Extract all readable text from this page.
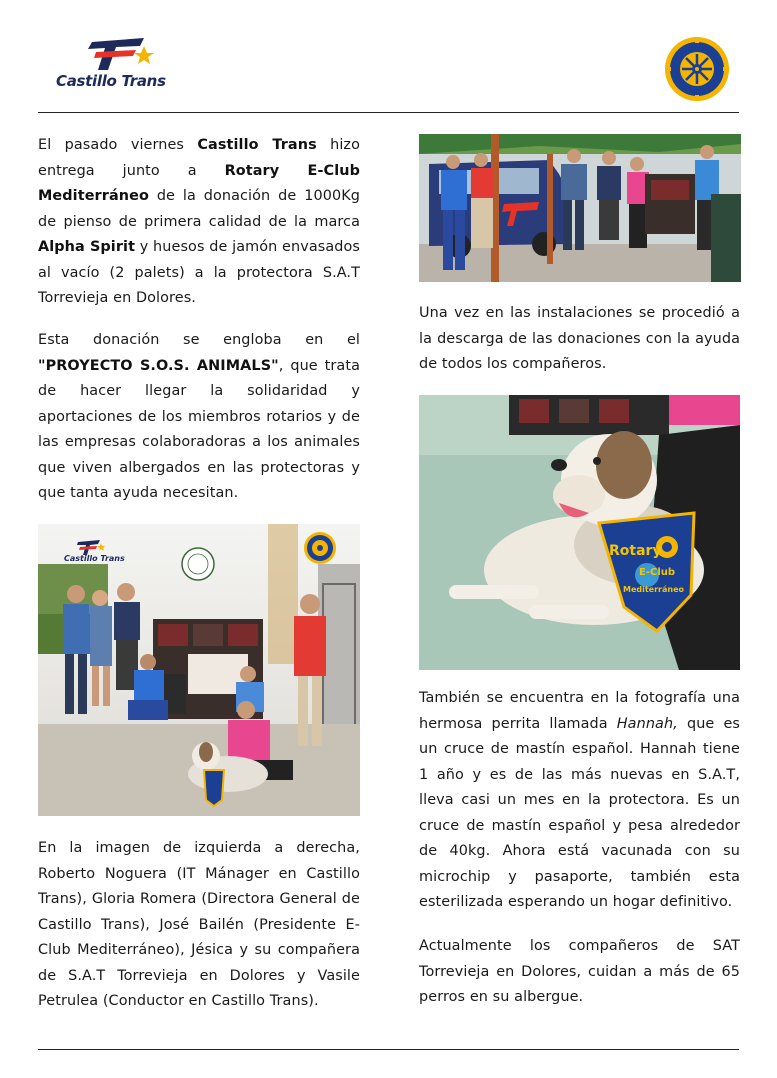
Castillo Trans

El pasado viernes Castillo Trans hizo entrega junto a Rotary E-Club Mediterráneo de la donación de 1000Kg de pienso de primera calidad de la marca Alpha Spirit y huesos de jamón envasados al vacío (2 palets) a la protectora S.A.T Torrevieja en Dolores.

Esta donación se engloba en el "PROYECTO S.O.S. ANIMALS", que trata de hacer llegar la solidaridad y aportaciones de los miembros rotarios y de las empresas colaboradoras a los animales que viven albergados en las protectoras y que tanta ayuda necesitan.

Castillo Trans

En la imagen de izquierda a derecha, Roberto Noguera (IT Mánager en Castillo Trans), Gloria Romera (Directora General de Castillo Trans), José Bailén (Presidente E-Club Mediterráneo), Jésica y su compañera de S.A.T Torrevieja en Dolores y Vasile Petrulea (Conductor en Castillo Trans).

Una vez en las instalaciones se procedió a la descarga de las donaciones con la ayuda de todos los compañeros.

Rotary
E-Club
Mediterráneo

También se encuentra en la fotografía una hermosa perrita llamada Hannah, que es un cruce de mastín español. Hannah tiene 1 año y es de las más nuevas en S.A.T, lleva casi un mes en la protectora. Es un cruce de mastín español y pesa alrededor de 40kg. Ahora está vacunada con su microchip y pasaporte, también esta esterilizada esperando un hogar definitivo.

Actualmente los compañeros de SAT Torrevieja en Dolores, cuidan a más de 65 perros en su albergue.
